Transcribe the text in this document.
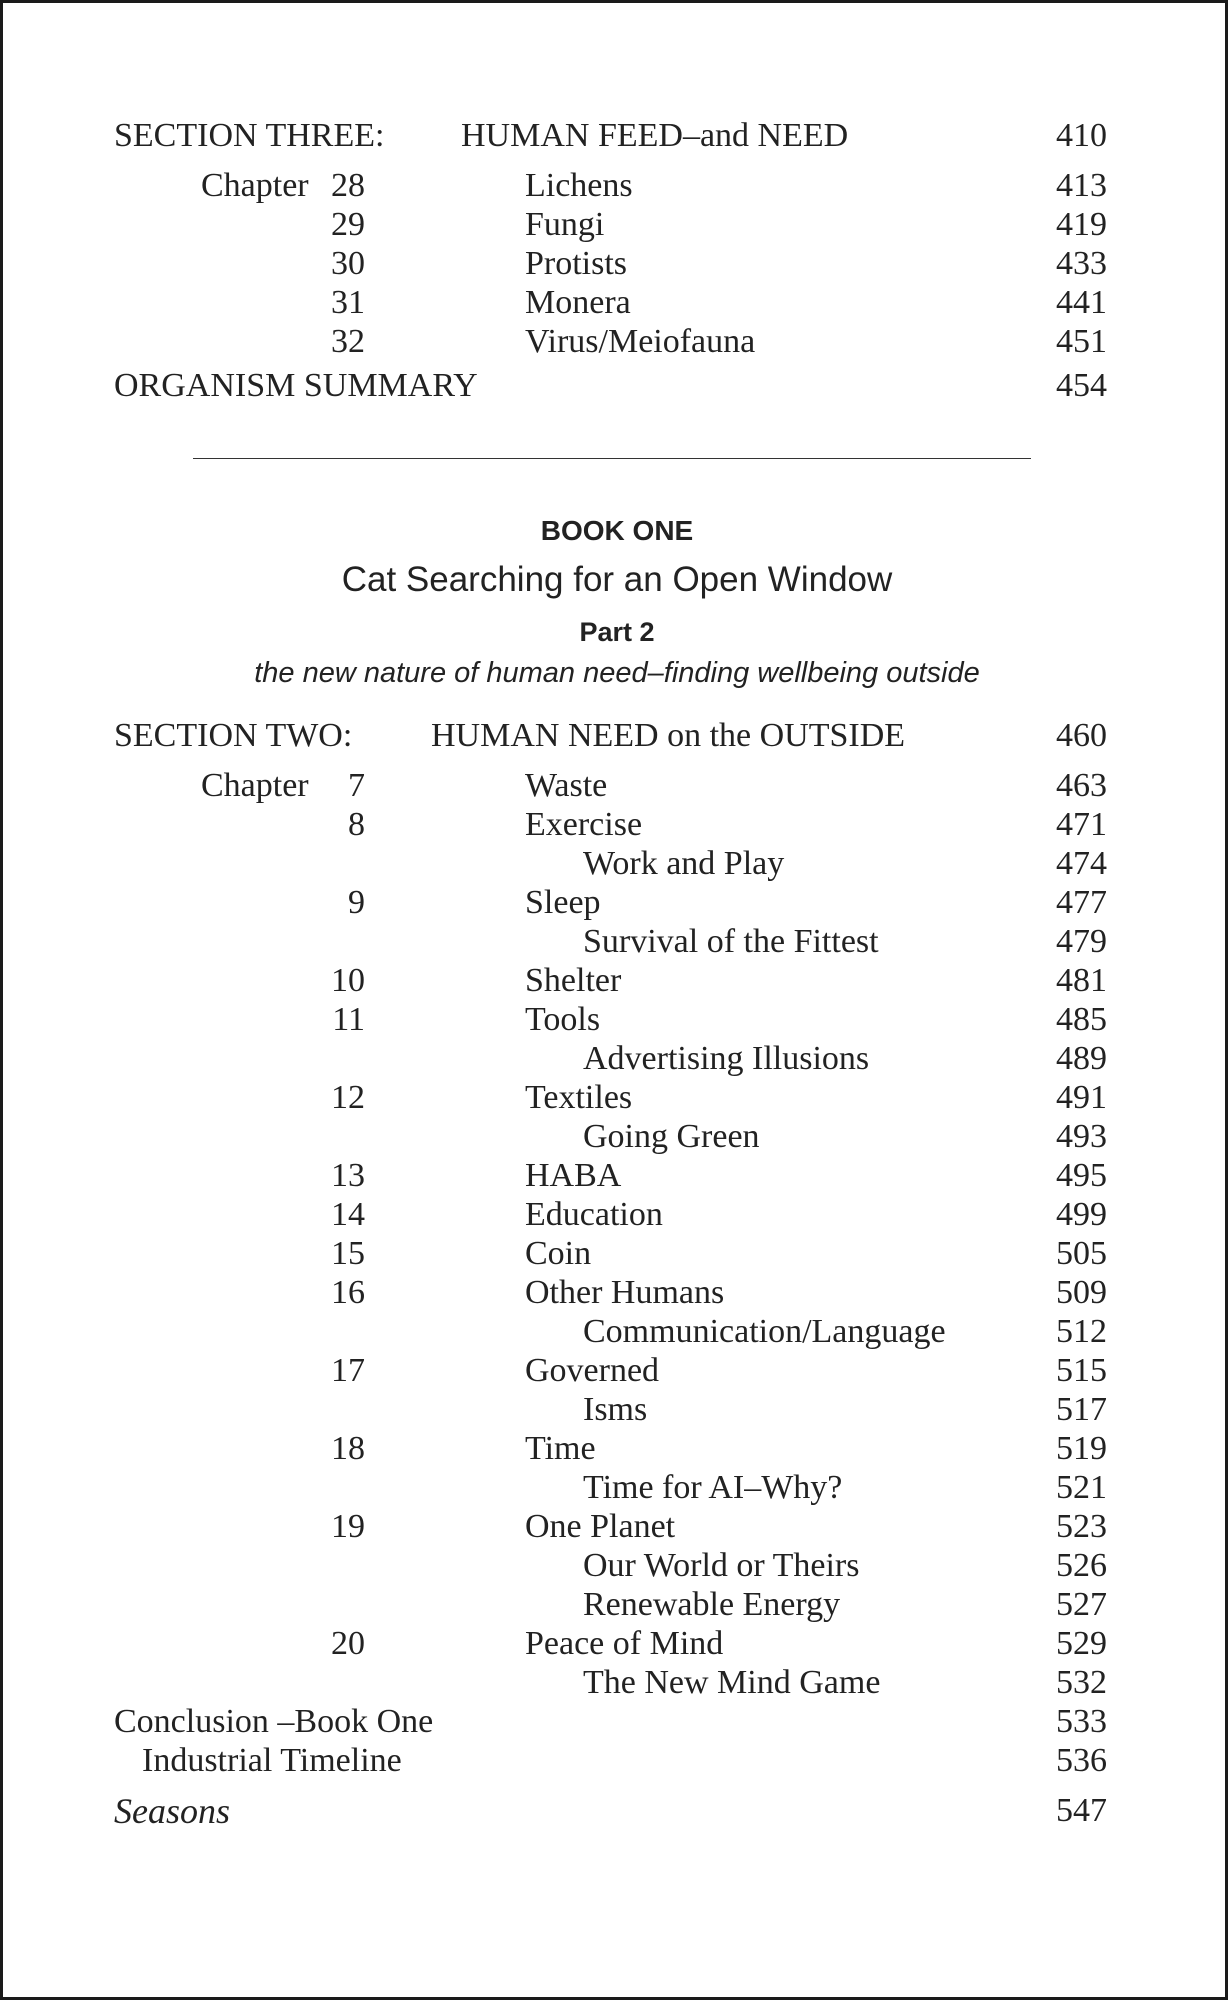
SECTION THREE: HUMAN FEED–and NEED	410
Chapter 28	Lichens	413
29	Fungi	419
30	Protists	433
31	Monera	441
32	Virus/Meiofauna	451
ORGANISM SUMMARY	454
BOOK ONE
Cat Searching for an Open Window
Part 2
the new nature of human need–finding wellbeing outside
SECTION TWO: HUMAN NEED on the OUTSIDE	460
Chapter 7	Waste	463
8	Exercise	471
Work and Play	474
9	Sleep	477
Survival of the Fittest	479
10	Shelter	481
11	Tools	485
Advertising Illusions	489
12	Textiles	491
Going Green	493
13	HABA	495
14	Education	499
15	Coin	505
16	Other Humans	509
Communication/Language	512
17	Governed	515
Isms	517
18	Time	519
Time for AI–Why?	521
19	One Planet	523
Our World or Theirs	526
Renewable Energy	527
20	Peace of Mind	529
The New Mind Game	532
Conclusion –Book One	533
Industrial Timeline	536
Seasons	547
